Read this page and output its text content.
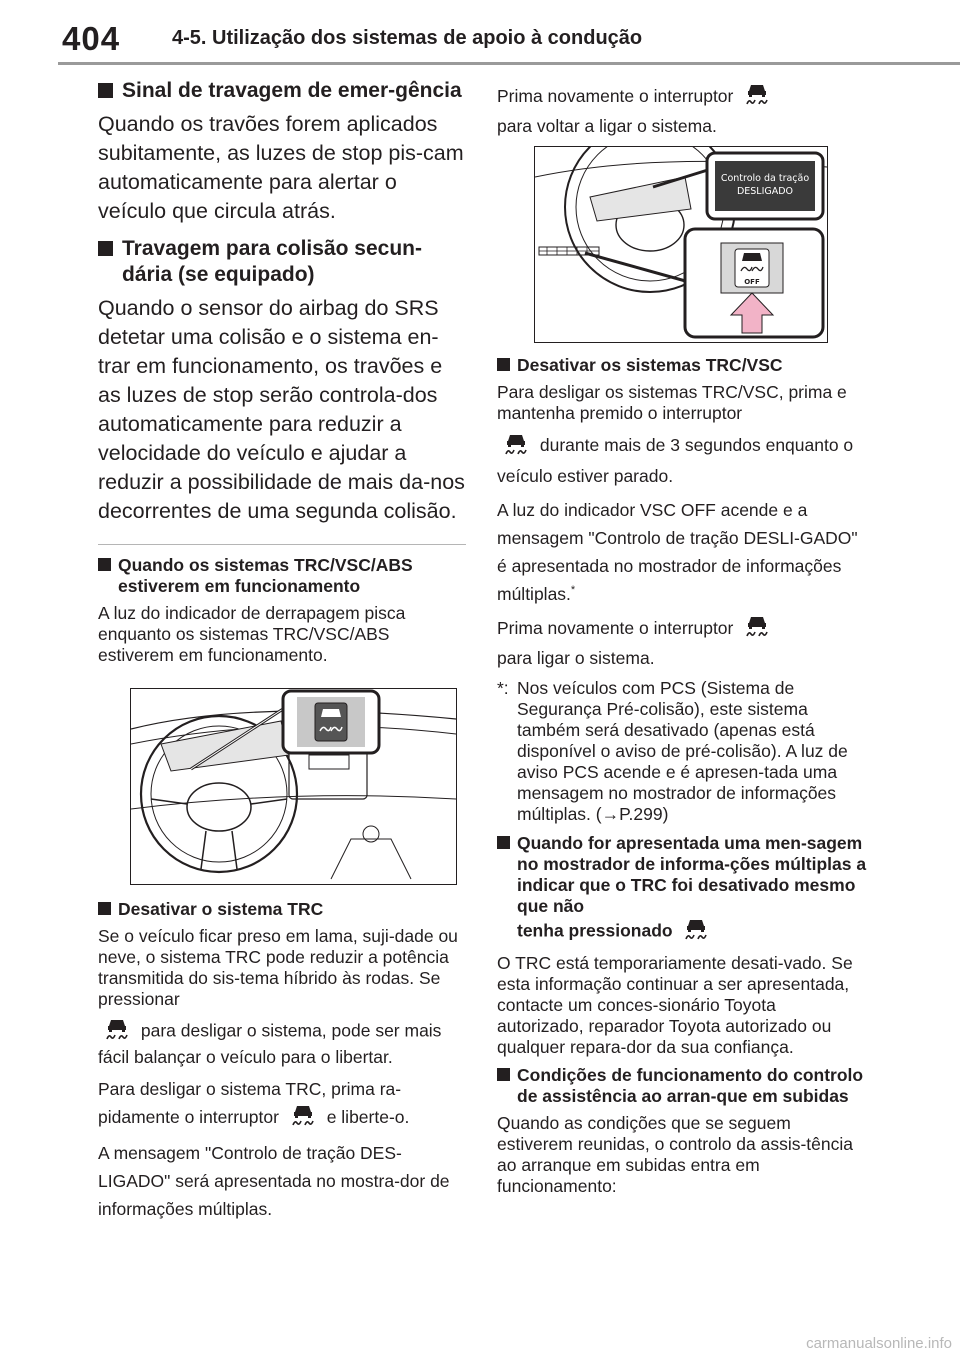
404	4-5. Utilização dos sistemas de apoio à condução
Sinal de travagem de emer-gência

Quando os travões forem aplicados subitamente, as luzes de stop pis-cam automaticamente para alertar o veículo que circula atrás.

Travagem para colisão secun-dária (se equipado)

Quando o sensor do airbag do SRS detetar uma colisão e o sistema en-trar em funcionamento, os travões e as luzes de stop serão controla-dos automaticamente para reduzir a velocidade do veículo e ajudar a reduzir a possibilidade de mais da-nos decorrentes de uma segunda colisão.

Quando os sistemas TRC/VSC/ABS estiverem em funcionamento

A luz do indicador de derrapagem pisca enquanto os sistemas TRC/VSC/ABS estiverem em funcionamento.

Desativar o sistema TRC

Se o veículo ficar preso em lama, suji-dade ou neve, o sistema TRC pode reduzir a potência transmitida do sis-tema híbrido às rodas. Se pressionar

para desligar o sistema, pode ser mais fácil balançar o veículo para o libertar.

Para desligar o sistema TRC, prima ra-pidamente o interruptor	e liberte-o.

A mensagem "Controlo de tração DES-LIGADO" será apresentada no mostra-dor de informações múltiplas.

Prima novamente o interruptor

para voltar a ligar o sistema.

Controlo da tração
DESLIGADO
OFF
Desativar os sistemas TRC/VSC

Para desligar os sistemas TRC/VSC, prima e mantenha premido o interruptor

durante mais de 3 segundos enquanto o veículo estiver parado.

A luz do indicador VSC OFF acende e a mensagem "Controlo de tração DESLI-GADO" é apresentada no mostrador de informações múltiplas.*

Prima novamente o interruptor

para ligar o sistema.

*: Nos veículos com PCS (Sistema de Segurança Pré-colisão), este sistema também será desativado (apenas está disponível o aviso de pré-colisão). A luz de aviso PCS acende e é apresen-tada uma mensagem no mostrador de informações múltiplas. (→P.299)
Quando for apresentada uma men-sagem no mostrador de informa-ções múltiplas a indicar que o TRC foi desativado mesmo que não
tenha pressionado

O TRC está temporariamente desati-vado. Se esta informação continuar a ser apresentada, contacte um conces-sionário Toyota autorizado, reparador Toyota autorizado ou qualquer repara-dor da sua confiança.

Condições de funcionamento do controlo de assistência ao arran-que em subidas

Quando as condições que se seguem estiverem reunidas, o controlo da assis-tência ao arranque em subidas entra em funcionamento:

carmanualsonline.info
